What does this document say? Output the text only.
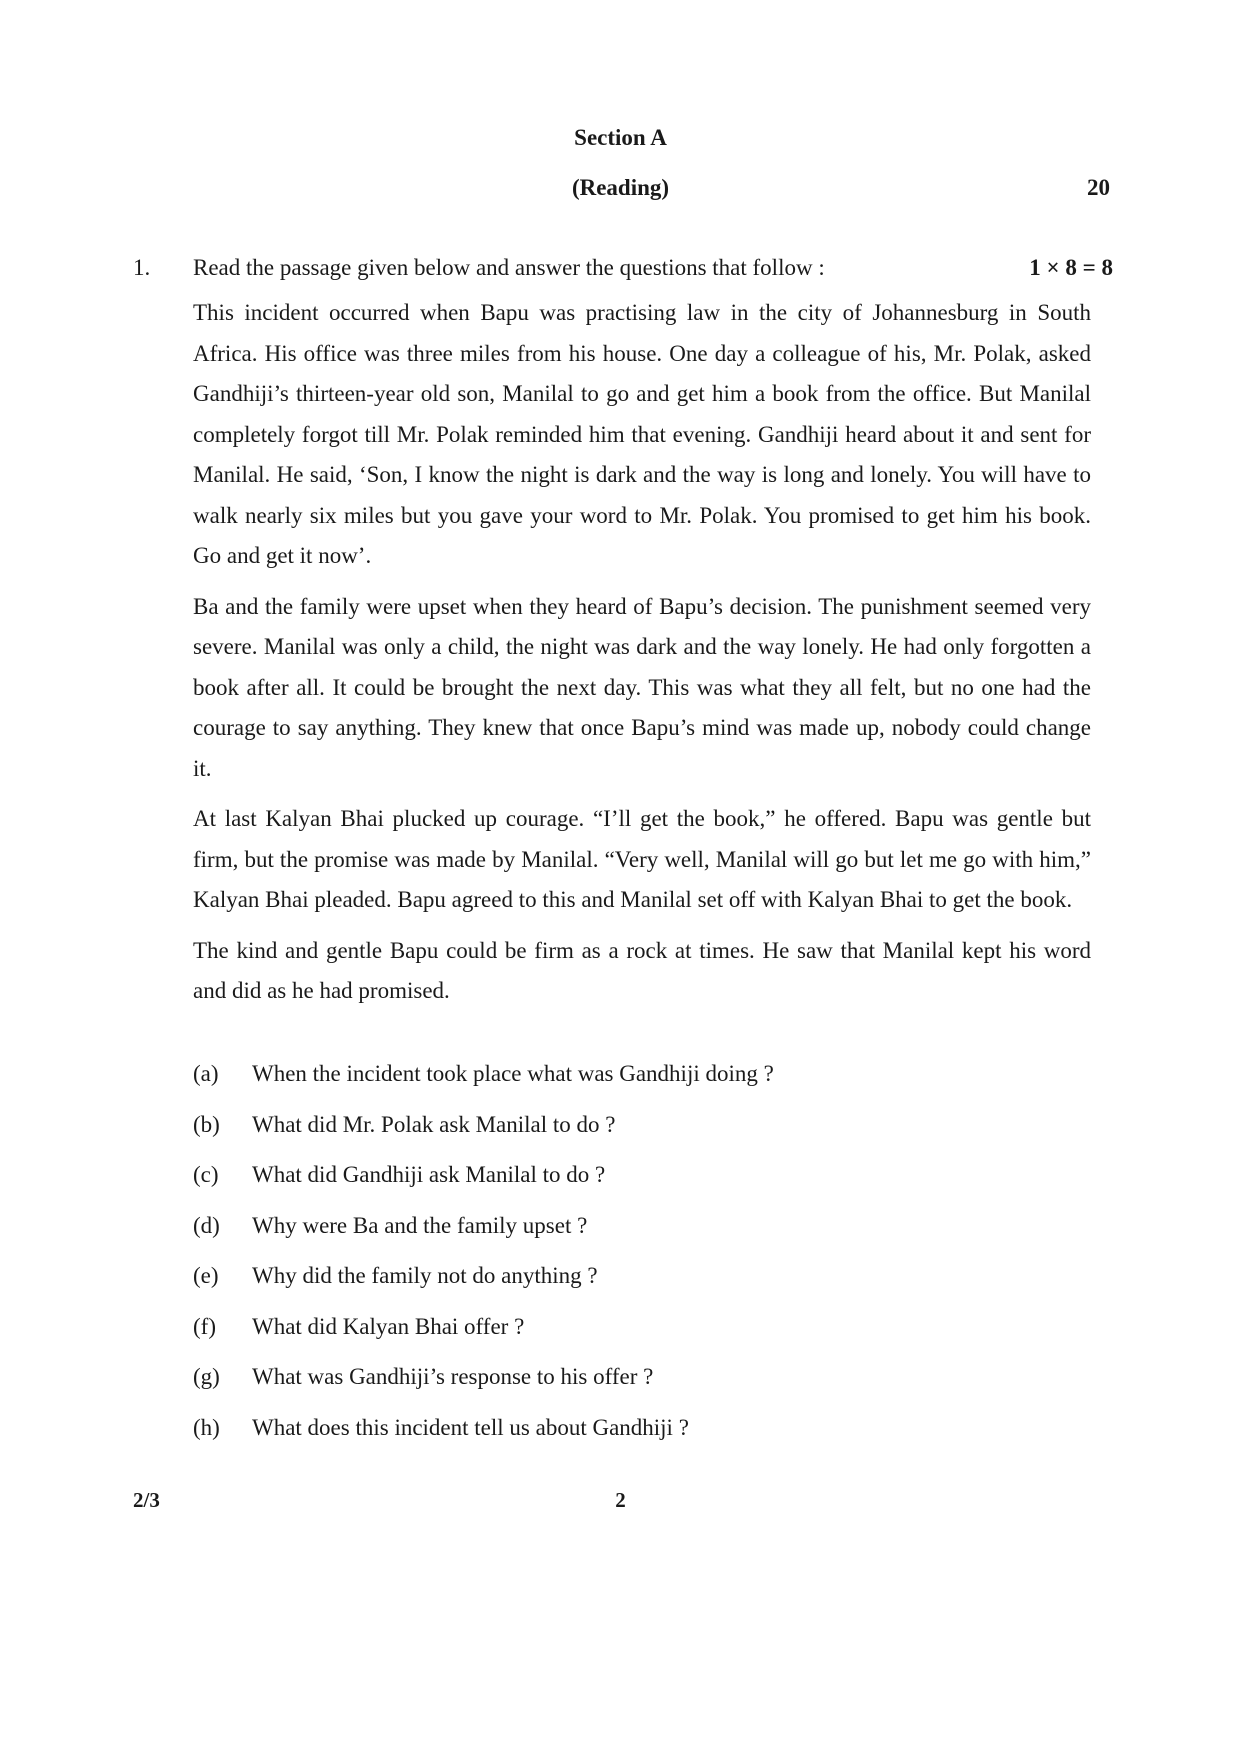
Section A
(Reading)	20
1. Read the passage given below and answer the questions that follow :	1 × 8 = 8

This incident occurred when Bapu was practising law in the city of Johannesburg in South Africa. His office was three miles from his house. One day a colleague of his, Mr. Polak, asked Gandhiji’s thirteen-year old son, Manilal to go and get him a book from the office. But Manilal completely forgot till Mr. Polak reminded him that evening. Gandhiji heard about it and sent for Manilal. He said, ‘Son, I know the night is dark and the way is long and lonely. You will have to walk nearly six miles but you gave your word to Mr. Polak. You promised to get him his book. Go and get it now’.

Ba and the family were upset when they heard of Bapu’s decision. The punishment seemed very severe. Manilal was only a child, the night was dark and the way lonely. He had only forgotten a book after all. It could be brought the next day. This was what they all felt, but no one had the courage to say anything. They knew that once Bapu’s mind was made up, nobody could change it.

At last Kalyan Bhai plucked up courage. “I’ll get the book,” he offered. Bapu was gentle but firm, but the promise was made by Manilal. “Very well, Manilal will go but let me go with him,” Kalyan Bhai pleaded. Bapu agreed to this and Manilal set off with Kalyan Bhai to get the book.

The kind and gentle Bapu could be firm as a rock at times. He saw that Manilal kept his word and did as he had promised.

(a) When the incident took place what was Gandhiji doing ?
(b) What did Mr. Polak ask Manilal to do ?
(c) What did Gandhiji ask Manilal to do ?
(d) Why were Ba and the family upset ?
(e) Why did the family not do anything ?
(f) What did Kalyan Bhai offer ?
(g) What was Gandhiji’s response to his offer ?
(h) What does this incident tell us about Gandhiji ?
2/3	2
